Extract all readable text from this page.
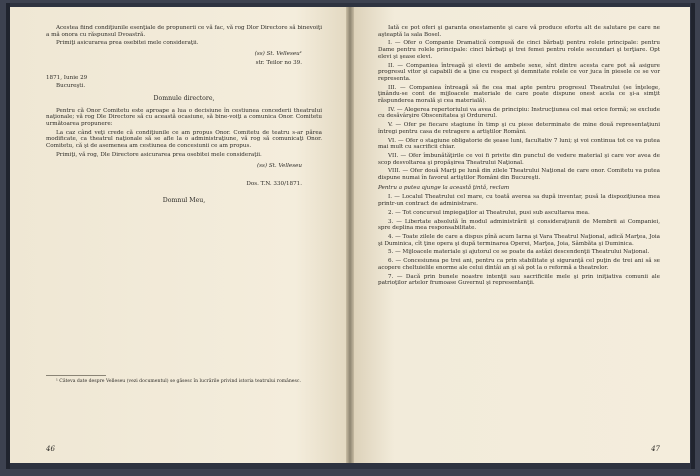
Acestea fiind condiţiunile esenţiale de propunerii ce vă fac, vă rog Dlor Directore să binevoiţi a mă onora cu răspunsul Dvoastră.

Primiţi asicurarea prea osebitei mele consideraţii.

(ss) St. Velleseu¹

str. Teilor no 39.

1871, Iunie 29

Bucureşti.

Domnule directore,

Pentru că Onor Comitetu este aproape a lua o decisiune în cestiunea concederii theatrului naţionale; vă rog Dle Directore să cu această ocasiune, să bine-voiţi a comunica Onor. Comitetu următoarea propunere:

La caz când veţi crede că condiţiunile ce am propus Onor. Comitetu de teatru s-ar părea modificate, ca theatrul naţionale să se afle la o administraţiune, vă rog să comunicaţi Onor. Comitetu, că şi de asemenea am cestiunea de concesiunii ce am propus.

Primiţi, vă rog, Dle Directore asicurarea prea osebitei mele consideraţii.

(ss) St. Velleseu

Dos. T.N. 330/1871.

Domnul Meu,

¹ Câteva date despre Velleseu (vezi documentul) se găsesc în lucrările privind istoria teatrului românesc.

46

Iată ce pot oferi şi garanta onestamente şi care vă produce efortu alt de salutare pe care ne aşteaptă la sala Bosel.

I. — Ofer o Companie Dramatică compusă de cinci bărbaţi pentru rolele principale: pentru Dame pentru rolele principale: cinci bărbaţi şi trei femei pentru rolele secundari şi terţiare. Opt elevi şi şease elevi.

II. — Companiea întreagă şi elevii de ambele sexe, sînt dintre acesta care pot să asigure progresul vitor şi capabili de a ţine cu respect şi demnitate rolele ce vor juca în piesele ce se vor representa.

III. — Companiea întreagă să fie cea mai apte pentru progresul Theatrului (se înţelege, ţinându-se cont de mijloacele materiale de care poate dispune onest acela ce şi-a simţit răspunderea morală şi cea materială).

IV. — Alegerea repertoriului va avea de principiu: Instrucţiunea cel mai orice formă; se exclude cu desăvârşire Obscenitatea şi Ordurerul.

V. — Ofer pe fiecare stagiune în timp şi cu piese determinate de mine două representaţiuni întregi pentru casa de retragere a artiştilor Români.

VI. — Ofer o stagiune obligatorie de şease luni, facultativ 7 luni; şi voi continua tot ce va putea mai mult cu sacrificii chiar.

VII. — Ofer îmbunătăţirile ce voi fi privite din punctul de vedere material şi care vor avea de scop desvoltarea şi propăşirea Theatrului Naţional.

VIII. — Ofer două Marţi pe lună din zilele Theatrului Naţional de care onor. Comitetu va putea dispune numai în favorul artiştilor Români din Bucureşti.

Pentru a putea ajunge la această ţintă, reclam

I. — Localul Theatrului cel mare, cu toată averea sa după inventar, pusă la dispoziţiunea mea printr-un contract de administrare.

2. — Tot concursul impiegaţilor ai Theatrului, pusi sub ascultarea mea.

3. — Libertate absolută în modul administrării şi consideraţiunii de Membrii ai Companiei, spre deplina mea responsabilitate.

4. — Toate zilele de care a dispus pînă acum Iarna şi Vara Theatrul Naţional, adică Marţea, Joia şi Duminica, cît ţine opera şi după terminarea Operei, Marţea, Joia, Sâmbăta şi Duminica.

5. — Mijloacele materiale şi ajutorul ce se poate da astăzi descendenţii Theatrului Naţional.

6. — Concesiunea pe trei ani, pentru ca prin stabilitate şi siguranţă cel puţin de trei ani să se acopere cheltuielile enorme ale celui dintâi an şi să pot la o reformă a theatrelor.

7. — Dacă prin bunele noastre intenţii sau sacrificiile mele şi prin iniţiativa comunii ale patrioţilor artelor frumoase Guvernul şi representanţii.

47
